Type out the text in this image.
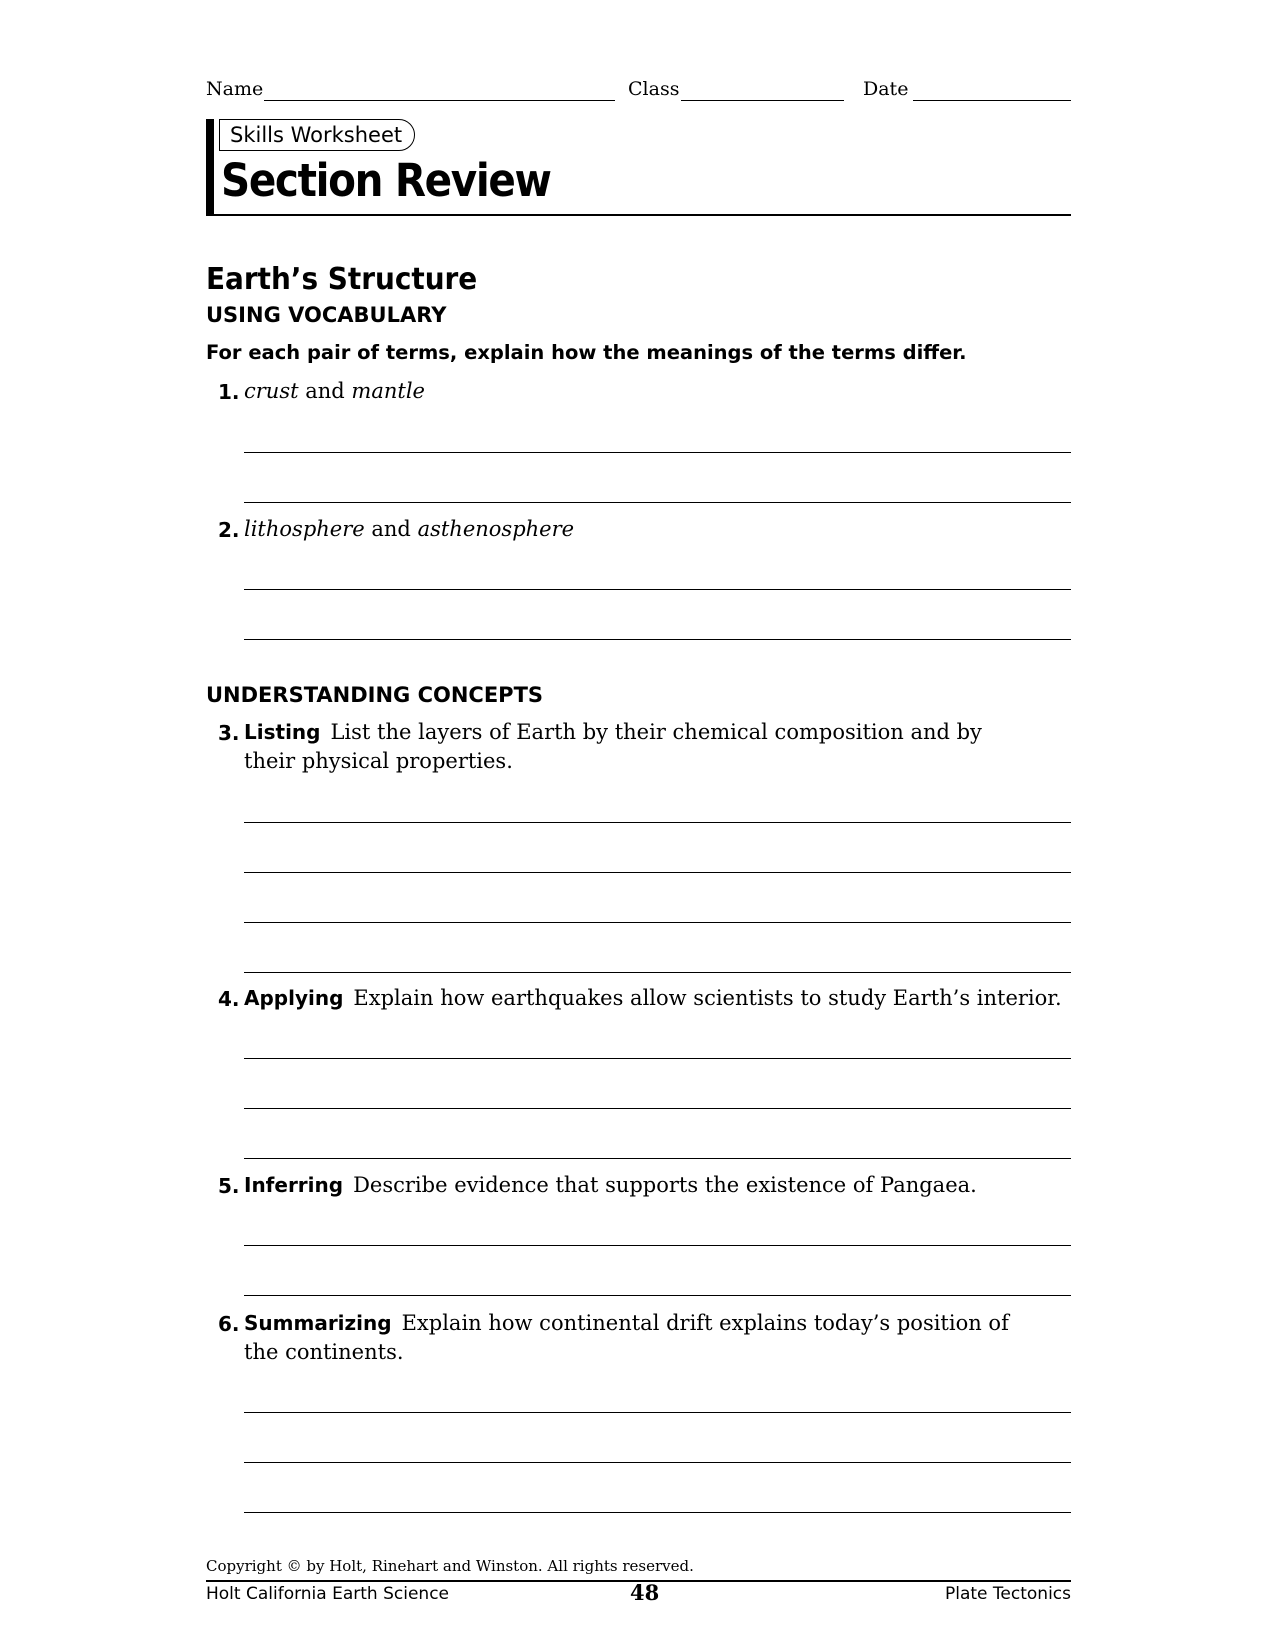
Name	Class	Date
Skills Worksheet
Section Review
Earth’s Structure
USING VOCABULARY
For each pair of terms, explain how the meanings of the terms differ.
1. crust and mantle
2. lithosphere and asthenosphere
UNDERSTANDING CONCEPTS
3. Listing List the layers of Earth by their chemical composition and by their physical properties.
4. Applying Explain how earthquakes allow scientists to study Earth’s interior.
5. Inferring Describe evidence that supports the existence of Pangaea.
6. Summarizing Explain how continental drift explains today’s position of the continents.
Copyright © by Holt, Rinehart and Winston. All rights reserved.
Holt California Earth Science	48	Plate Tectonics
